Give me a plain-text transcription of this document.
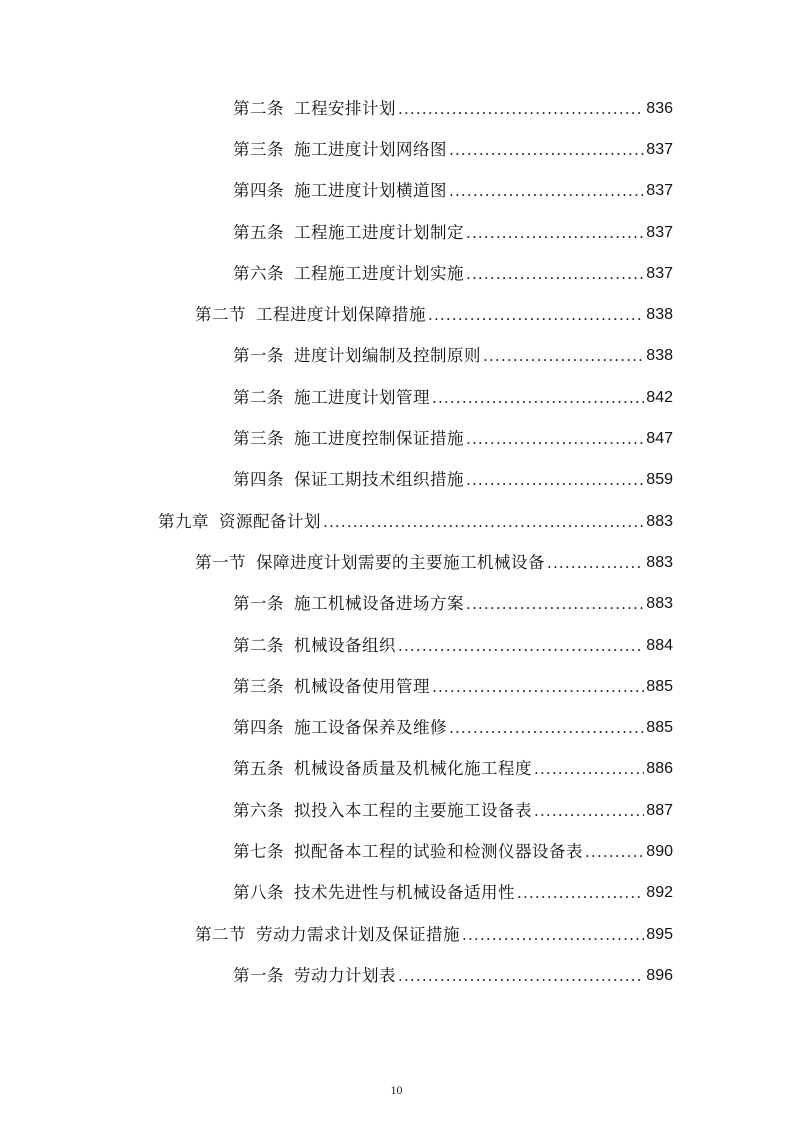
第二条 工程安排计划 .....	836
第三条 施工进度计划网络图 .....	837
第四条 施工进度计划横道图 .....	837
第五条 工程施工进度计划制定 .....	837
第六条 工程施工进度计划实施 .....	837
第二节 工程进度计划保障措施 .....	838
第一条 进度计划编制及控制原则 .....	838
第二条 施工进度计划管理 .....	842
第三条 施工进度控制保证措施 .....	847
第四条 保证工期技术组织措施 .....	859
第九章 资源配备计划 .....	883
第一节 保障进度计划需要的主要施工机械设备 .....	883
第一条 施工机械设备进场方案 .....	883
第二条 机械设备组织 .....	884
第三条 机械设备使用管理 .....	885
第四条 施工设备保养及维修 .....	885
第五条 机械设备质量及机械化施工程度 .....	886
第六条 拟投入本工程的主要施工设备表 .....	887
第七条 拟配备本工程的试验和检测仪器设备表 .....	890
第八条 技术先进性与机械设备适用性 .....	892
第二节 劳动力需求计划及保证措施 .....	895
第一条 劳动力计划表 .....	896
10
